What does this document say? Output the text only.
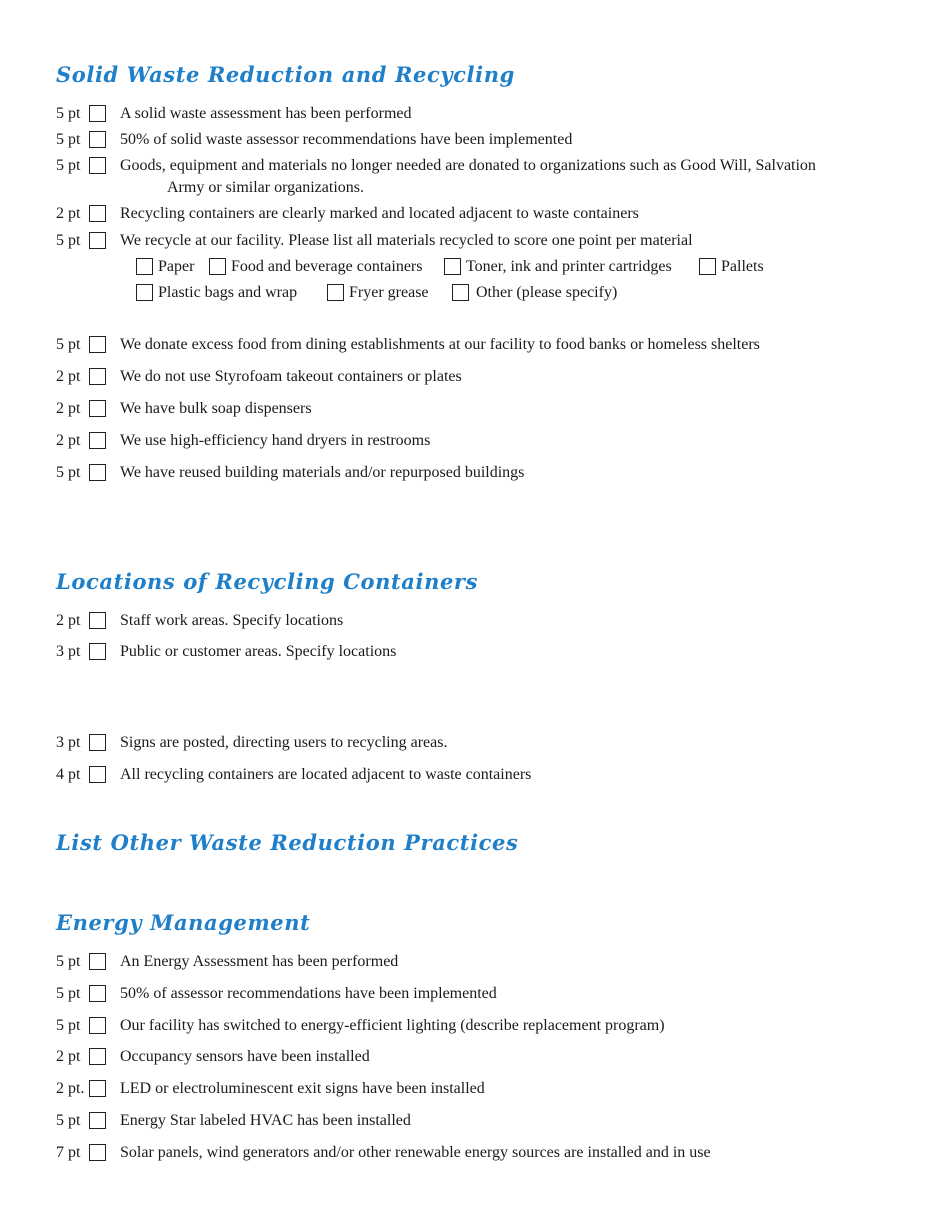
Solid Waste Reduction and Recycling
5 pt A solid waste assessment has been performed
5 pt 50% of solid waste assessor recommendations have been implemented
5 pt Goods, equipment and materials no longer needed are donated to organizations such as Good Will, Salvation
Army or similar organizations.
2 pt Recycling containers are clearly marked and located adjacent to waste containers
5 pt We recycle at our facility. Please list all materials recycled to score one point per material
Paper Food and beverage containers	Toner, ink and printer cartridges	Pallets
Plastic bags and wrap	Fryer grease	Other (please specify)
5 pt We donate excess food from dining establishments at our facility to food banks or homeless shelters
2 pt We do not use Styrofoam takeout containers or plates
2 pt We have bulk soap dispensers
2 pt We use high-efficiency hand dryers in restrooms
5 pt We have reused building materials and/or repurposed buildings
Locations of Recycling Containers
2 pt Staff work areas. Specify locations
3 pt Public or customer areas. Specify locations
3 pt Signs are posted, directing users to recycling areas.
4 pt All recycling containers are located adjacent to waste containers
List Other Waste Reduction Practices
Energy Management
5 pt An Energy Assessment has been performed
5 pt 50% of assessor recommendations have been implemented
5 pt Our facility has switched to energy-efficient lighting (describe replacement program)
2 pt Occupancy sensors have been installed
2 pt. LED or electroluminescent exit signs have been installed
5 pt Energy Star labeled HVAC has been installed
7 pt Solar panels, wind generators and/or other renewable energy sources are installed and in use
